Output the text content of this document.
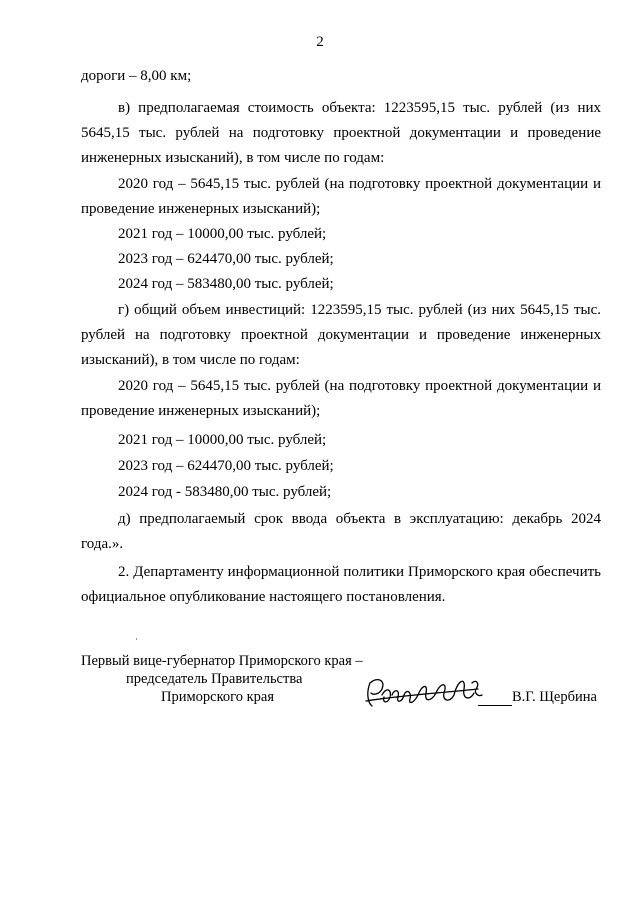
2

дороги – 8,00 км;

в) предполагаемая стоимость объекта: 1223595,15 тыс. рублей (из них 5645,15 тыс. рублей на подготовку проектной документации и проведение инженерных изысканий), в том числе по годам:

2020 год – 5645,15 тыс. рублей (на подготовку проектной документации и проведение инженерных изысканий);

2021 год – 10000,00 тыс. рублей;

2023 год – 624470,00 тыс. рублей;

2024 год – 583480,00 тыс. рублей;

г) общий объем инвестиций: 1223595,15 тыс. рублей (из них 5645,15 тыс. рублей на подготовку проектной документации и проведение инженерных изысканий), в том числе по годам:

2020 год – 5645,15 тыс. рублей (на подготовку проектной документации и проведение инженерных изысканий);

2021 год – 10000,00 тыс. рублей;

2023 год – 624470,00 тыс. рублей;

2024 год - 583480,00 тыс. рублей;

д) предполагаемый срок ввода объекта в эксплуатацию: декабрь 2024 года.».

2. Департаменту информационной политики Приморского края обеспечить официальное опубликование настоящего постановления.

Первый вице-губернатор Приморского края –
председатель Правительства
Приморского края	В.Г. Щербина
